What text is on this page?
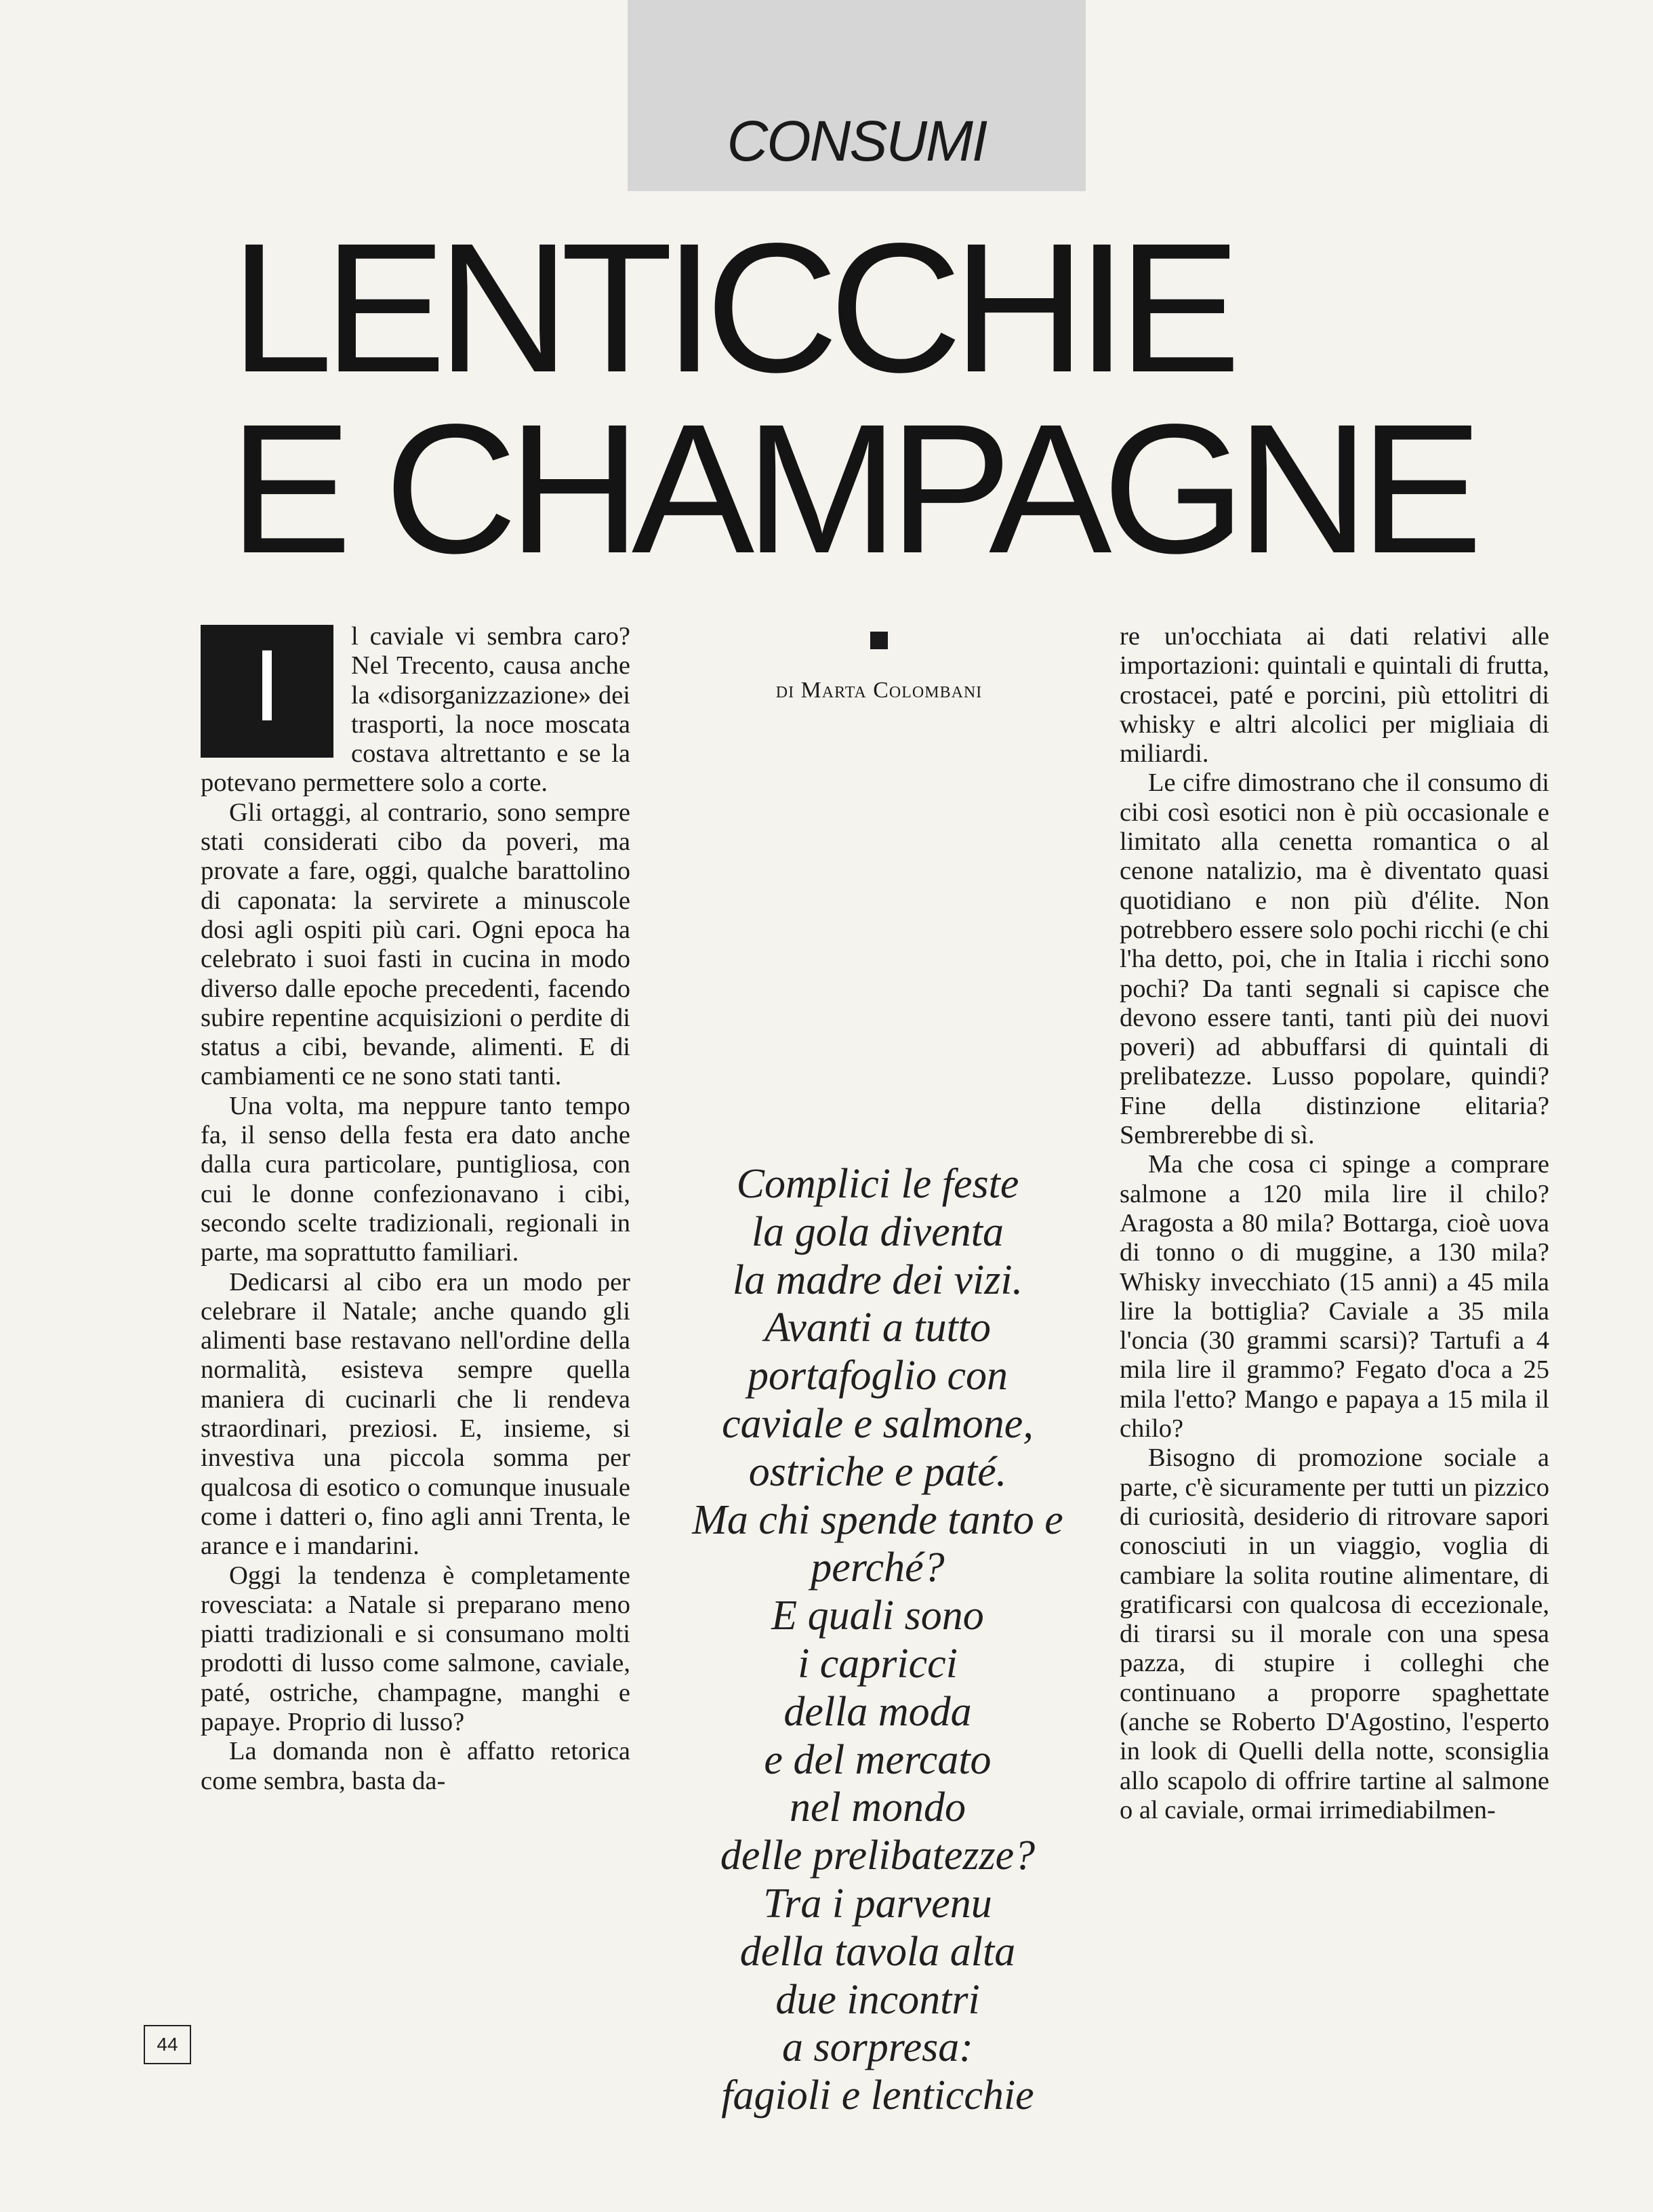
CONSUMI
LENTICCHIE
E CHAMPAGNE
I	l caviale vi sembra caro? Nel Trecento, causa anche la «disorganizzazione» dei trasporti, la noce moscata costava altrettanto e se la potevano permettere solo a corte.

Gli ortaggi, al contrario, sono sempre stati considerati cibo da poveri, ma provate a fare, oggi, qualche barattolino di caponata: la servirete a minuscole dosi agli ospiti più cari. Ogni epoca ha celebrato i suoi fasti in cucina in modo diverso dalle epoche precedenti, facendo subire repentine acquisizioni o perdite di status a cibi, bevande, alimenti. E di cambiamenti ce ne sono stati tanti.

Una volta, ma neppure tanto tempo fa, il senso della festa era dato anche dalla cura particolare, puntigliosa, con cui le donne confezionavano i cibi, secondo scelte tradizionali, regionali in parte, ma soprattutto familiari.

Dedicarsi al cibo era un modo per celebrare il Natale; anche quando gli alimenti base restavano nell'ordine della normalità, esisteva sempre quella maniera di cucinarli che li rendeva straordinari, preziosi. E, insieme, si investiva una piccola somma per qualcosa di esotico o comunque inusuale come i datteri o, fino agli anni Trenta, le arance e i mandarini.

Oggi la tendenza è completamente rovesciata: a Natale si preparano meno piatti tradizionali e si consumano molti prodotti di lusso come salmone, caviale, paté, ostriche, champagne, manghi e papaye. Proprio di lusso?

La domanda non è affatto retorica come sembra, basta da-

di Marta Colombani
Complici le feste
la gola diventa
la madre dei vizi.
Avanti a tutto
portafoglio con
caviale e salmone,
ostriche e paté.
Ma chi spende tanto e
perché?
E quali sono
i capricci
della moda
e del mercato
nel mondo
delle prelibatezze?
Tra i parvenu
della tavola alta
due incontri
a sorpresa:
fagioli e lenticchie

re un'occhiata ai dati relativi alle importazioni: quintali e quintali di frutta, crostacei, paté e porcini, più ettolitri di whisky e altri alcolici per migliaia di miliardi.

Le cifre dimostrano che il consumo di cibi così esotici non è più occasionale e limitato alla cenetta romantica o al cenone natalizio, ma è diventato quasi quotidiano e non più d'élite. Non potrebbero essere solo pochi ricchi (e chi l'ha detto, poi, che in Italia i ricchi sono pochi? Da tanti segnali si capisce che devono essere tanti, tanti più dei nuovi poveri) ad abbuffarsi di quintali di prelibatezze. Lusso popolare, quindi? Fine della distinzione elitaria? Sembrerebbe di sì.

Ma che cosa ci spinge a comprare salmone a 120 mila lire il chilo? Aragosta a 80 mila? Bottarga, cioè uova di tonno o di muggine, a 130 mila? Whisky invecchiato (15 anni) a 45 mila lire la bottiglia? Caviale a 35 mila l'oncia (30 grammi scarsi)? Tartufi a 4 mila lire il grammo? Fegato d'oca a 25 mila l'etto? Mango e papaya a 15 mila il chilo?

Bisogno di promozione sociale a parte, c'è sicuramente per tutti un pizzico di curiosità, desiderio di ritrovare sapori conosciuti in un viaggio, voglia di cambiare la solita routine alimentare, di gratificarsi con qualcosa di eccezionale, di tirarsi su il morale con una spesa pazza, di stupire i colleghi che continuano a proporre spaghettate (anche se Roberto D'Agostino, l'esperto in look di Quelli della notte, sconsiglia allo scapolo di offrire tartine al salmone o al caviale, ormai irrimediabilmen-

44
